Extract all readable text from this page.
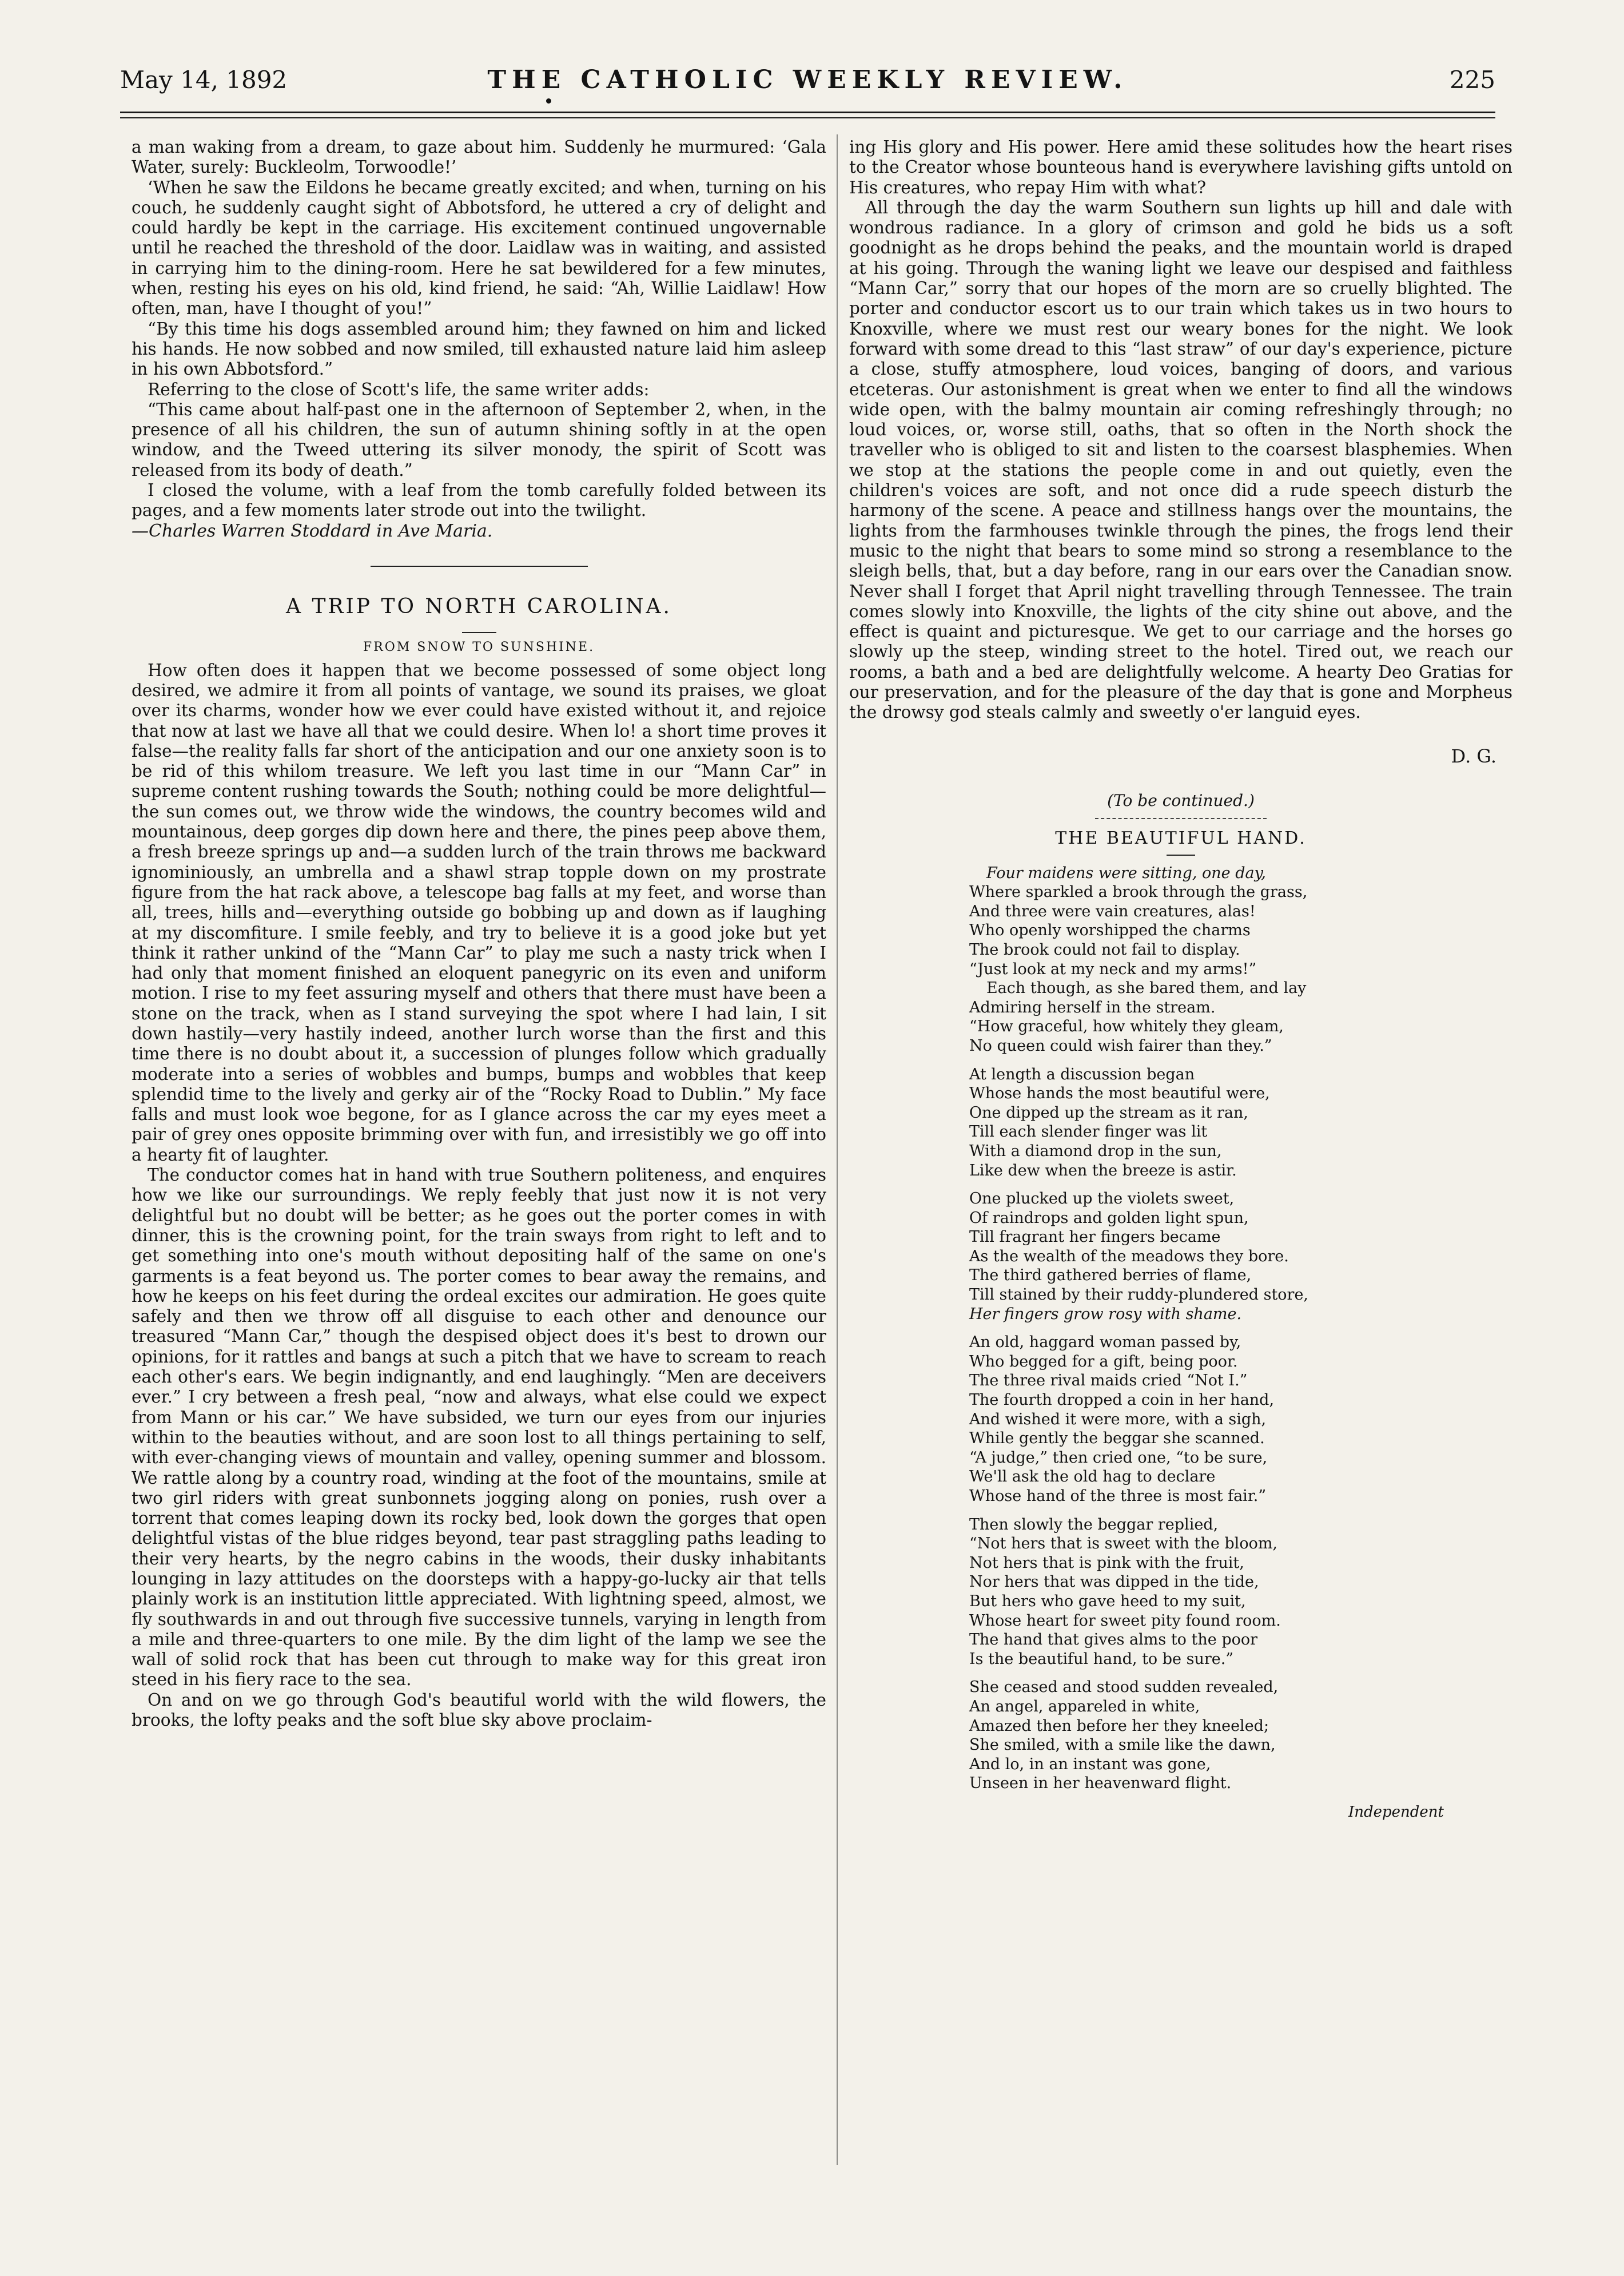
May 14, 1892	THE CATHOLIC WEEKLY REVIEW.	225

a man waking from a dream, to gaze about him. Suddenly he murmured: ‘Gala Water, surely: Buckleolm, Torwoodle!’

‘When he saw the Eildons he became greatly excited; and when, turning on his couch, he suddenly caught sight of Abbotsford, he uttered a cry of delight and could hardly be kept in the carriage. His excitement continued ungovernable until he reached the threshold of the door. Laidlaw was in waiting, and assisted in carrying him to the dining-room. Here he sat bewildered for a few minutes, when, resting his eyes on his old, kind friend, he said: “Ah, Willie Laidlaw! How often, man, have I thought of you!”

“By this time his dogs assembled around him; they fawned on him and licked his hands. He now sobbed and now smiled, till exhausted nature laid him asleep in his own Abbotsford.”

Referring to the close of Scott's life, the same writer adds:

“This came about half-past one in the afternoon of September 2, when, in the presence of all his children, the sun of autumn shining softly in at the open window, and the Tweed uttering its silver monody, the spirit of Scott was released from its body of death.”

I closed the volume, with a leaf from the tomb carefully folded between its pages, and a few moments later strode out into the twilight.

—Charles Warren Stoddard in Ave Maria.

A TRIP TO NORTH CAROLINA.
FROM SNOW TO SUNSHINE.

How often does it happen that we become possessed of some object long desired, we admire it from all points of vantage, we sound its praises, we gloat over its charms, wonder how we ever could have existed without it, and rejoice that now at last we have all that we could desire. When lo! a short time proves it false—the reality falls far short of the anticipation and our one anxiety soon is to be rid of this whilom treasure. We left you last time in our “Mann Car” in supreme content rushing towards the South; nothing could be more delightful—the sun comes out, we throw wide the windows, the country becomes wild and mountainous, deep gorges dip down here and there, the pines peep above them, a fresh breeze springs up and—a sudden lurch of the train throws me backward ignominiously, an umbrella and a shawl strap topple down on my prostrate figure from the hat rack above, a telescope bag falls at my feet, and worse than all, trees, hills and—everything outside go bobbing up and down as if laughing at my discomfiture. I smile feebly, and try to believe it is a good joke but yet think it rather unkind of the “Mann Car” to play me such a nasty trick when I had only that moment finished an eloquent panegyric on its even and uniform motion. I rise to my feet assuring myself and others that there must have been a stone on the track, when as I stand surveying the spot where I had lain, I sit down hastily—very hastily indeed, another lurch worse than the first and this time there is no doubt about it, a succession of plunges follow which gradually moderate into a series of wobbles and bumps, bumps and wobbles that keep splendid time to the lively and gerky air of the “Rocky Road to Dublin.” My face falls and must look woe begone, for as I glance across the car my eyes meet a pair of grey ones opposite brimming over with fun, and irresistibly we go off into a hearty fit of laughter.

The conductor comes hat in hand with true Southern politeness, and enquires how we like our surroundings. We reply feebly that just now it is not very delightful but no doubt will be better; as he goes out the porter comes in with dinner, this is the crowning point, for the train sways from right to left and to get something into one's mouth without depositing half of the same on one's garments is a feat beyond us. The porter comes to bear away the remains, and how he keeps on his feet during the ordeal excites our admiration. He goes quite safely and then we throw off all disguise to each other and denounce our treasured “Mann Car,” though the despised object does it's best to drown our opinions, for it rattles and bangs at such a pitch that we have to scream to reach each other's ears. We begin indignantly, and end laughingly. “Men are deceivers ever.” I cry between a fresh peal, “now and always, what else could we expect from Mann or his car.” We have subsided, we turn our eyes from our injuries within to the beauties without, and are soon lost to all things pertaining to self, with ever-changing views of mountain and valley, opening summer and blossom. We rattle along by a country road, winding at the foot of the mountains, smile at two girl riders with great sunbonnets jogging along on ponies, rush over a torrent that comes leaping down its rocky bed, look down the gorges that open delightful vistas of the blue ridges beyond, tear past straggling paths leading to their very hearts, by the negro cabins in the woods, their dusky inhabitants lounging in lazy attitudes on the doorsteps with a happy-go-lucky air that tells plainly work is an institution little appreciated. With lightning speed, almost, we fly southwards in and out through five successive tunnels, varying in length from a mile and three-quarters to one mile. By the dim light of the lamp we see the wall of solid rock that has been cut through to make way for this great iron steed in his fiery race to the sea.

On and on we go through God's beautiful world with the wild flowers, the brooks, the lofty peaks and the soft blue sky above proclaim-

ing His glory and His power. Here amid these solitudes how the heart rises to the Creator whose bounteous hand is everywhere lavishing gifts untold on His creatures, who repay Him with what?

All through the day the warm Southern sun lights up hill and dale with wondrous radiance. In a glory of crimson and gold he bids us a soft goodnight as he drops behind the peaks, and the mountain world is draped at his going. Through the waning light we leave our despised and faithless “Mann Car,” sorry that our hopes of the morn are so cruelly blighted. The porter and conductor escort us to our train which takes us in two hours to Knoxville, where we must rest our weary bones for the night. We look forward with some dread to this “last straw” of our day's experience, picture a close, stuffy atmosphere, loud voices, banging of doors, and various etceteras. Our astonishment is great when we enter to find all the windows wide open, with the balmy mountain air coming refreshingly through; no loud voices, or, worse still, oaths, that so often in the North shock the traveller who is obliged to sit and listen to the coarsest blasphemies. When we stop at the stations the people come in and out quietly, even the children's voices are soft, and not once did a rude speech disturb the harmony of the scene. A peace and stillness hangs over the mountains, the lights from the farmhouses twinkle through the pines, the frogs lend their music to the night that bears to some mind so strong a resemblance to the sleigh bells, that, but a day before, rang in our ears over the Canadian snow. Never shall I forget that April night travelling through Tennessee. The train comes slowly into Knoxville, the lights of the city shine out above, and the effect is quaint and picturesque. We get to our carriage and the horses go slowly up the steep, winding street to the hotel. Tired out, we reach our rooms, a bath and a bed are delightfully welcome. A hearty Deo Gratias for our preservation, and for the pleasure of the day that is gone and Morpheus the drowsy god steals calmly and sweetly o'er languid eyes.

D. G.
(To be continued.)
THE BEAUTIFUL HAND.
Four maidens were sitting, one day,
Where sparkled a brook through the grass,
And three were vain creatures, alas!
Who openly worshipped the charms
The brook could not fail to display.
“Just look at my neck and my arms!”
Each though, as she bared them, and lay
Admiring herself in the stream.
“How graceful, how whitely they gleam,
No queen could wish fairer than they.”
At length a discussion began
Whose hands the most beautiful were,
One dipped up the stream as it ran,
Till each slender finger was lit
With a diamond drop in the sun,
Like dew when the breeze is astir.
One plucked up the violets sweet,
Of raindrops and golden light spun,
Till fragrant her fingers became
As the wealth of the meadows they bore.
The third gathered berries of flame,
Till stained by their ruddy-plundered store,
Her fingers grow rosy with shame.
An old, haggard woman passed by,
Who begged for a gift, being poor.
The three rival maids cried “Not I.”
The fourth dropped a coin in her hand,
And wished it were more, with a sigh,
While gently the beggar she scanned.
“A judge,” then cried one, “to be sure,
We'll ask the old hag to declare
Whose hand of the three is most fair.”
Then slowly the beggar replied,
“Not hers that is sweet with the bloom,
Not hers that is pink with the fruit,
Nor hers that was dipped in the tide,
But hers who gave heed to my suit,
Whose heart for sweet pity found room.
The hand that gives alms to the poor
Is the beautiful hand, to be sure.”
She ceased and stood sudden revealed,
An angel, appareled in white,
Amazed then before her they kneeled;
She smiled, with a smile like the dawn,
And lo, in an instant was gone,
Unseen in her heavenward flight.
Independent
